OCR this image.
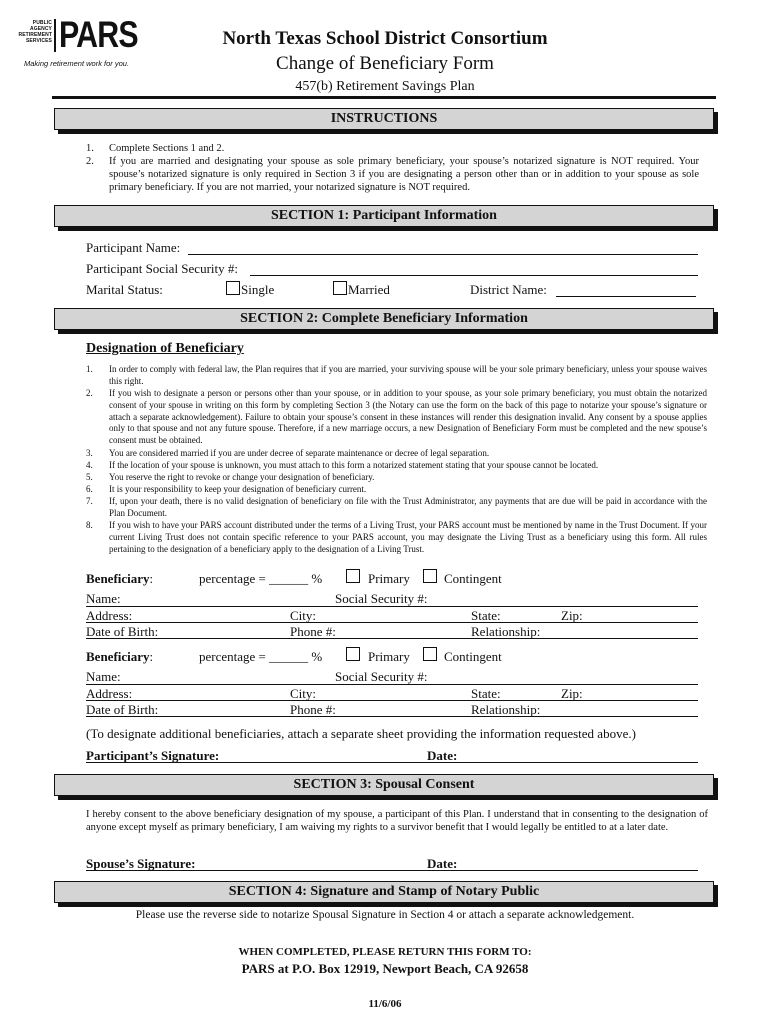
PUBLIC
AGENCY
RETIREMENT
SERVICES PARS
Making retirement work for you.
North Texas School District Consortium
Change of Beneficiary Form
457(b) Retirement Savings Plan
INSTRUCTIONS
1.	Complete Sections 1 and 2.
2.	If you are married and designating your spouse as sole primary beneficiary, your spouse’s notarized signature is NOT required. Your spouse’s notarized signature is only required in Section 3 if you are designating a person other than or in addition to your spouse as sole primary beneficiary. If you are not married, your notarized signature is NOT required.
SECTION 1: Participant Information
Participant Name:
Participant Social Security #:
Marital Status:	Single	Married	District Name:
SECTION 2: Complete Beneficiary Information
Designation of Beneficiary
1.	In order to comply with federal law, the Plan requires that if you are married, your surviving spouse will be your sole primary beneficiary, unless your spouse waives this right.
2.	If you wish to designate a person or persons other than your spouse, or in addition to your spouse, as your sole primary beneficiary, you must obtain the notarized consent of your spouse in writing on this form by completing Section 3 (the Notary can use the form on the back of this page to notarize your spouse’s signature or attach a separate acknowledgement). Failure to obtain your spouse’s consent in these instances will render this designation invalid. Any consent by a spouse applies only to that spouse and not any future spouse. Therefore, if a new marriage occurs, a new Designation of Beneficiary Form must be completed and the new spouse’s consent must be obtained.
3.	You are considered married if you are under decree of separate maintenance or decree of legal separation.
4.	If the location of your spouse is unknown, you must attach to this form a notarized statement stating that your spouse cannot be located.
5.	You reserve the right to revoke or change your designation of beneficiary.
6.	It is your responsibility to keep your designation of beneficiary current.
7.	If, upon your death, there is no valid designation of beneficiary on file with the Trust Administrator, any payments that are due will be paid in accordance with the Plan Document.
8.	If you wish to have your PARS account distributed under the terms of a Living Trust, your PARS account must be mentioned by name in the Trust Document. If your current Living Trust does not contain specific reference to your PARS account, you may designate the Living Trust as a beneficiary using this form. All rules pertaining to the designation of a beneficiary apply to the designation of a Living Trust.
Beneficiary:	percentage = ______ %	Primary	Contingent
Name:	Social Security #:
Address:	City:	State:	Zip:
Date of Birth:	Phone #:	Relationship:
Beneficiary:	percentage = ______ %	Primary	Contingent
Name:	Social Security #:
Address:	City:	State:	Zip:
Date of Birth:	Phone #:	Relationship:
(To designate additional beneficiaries, attach a separate sheet providing the information requested above.)
Participant’s Signature:	Date:
SECTION 3: Spousal Consent
I hereby consent to the above beneficiary designation of my spouse, a participant of this Plan. I understand that in consenting to the designation of anyone except myself as primary beneficiary, I am waiving my rights to a survivor benefit that I would legally be entitled to at a later date.
Spouse’s Signature:	Date:
SECTION 4: Signature and Stamp of Notary Public
Please use the reverse side to notarize Spousal Signature in Section 4 or attach a separate acknowledgement.
WHEN COMPLETED, PLEASE RETURN THIS FORM TO:
PARS at P.O. Box 12919, Newport Beach, CA 92658
11/6/06
